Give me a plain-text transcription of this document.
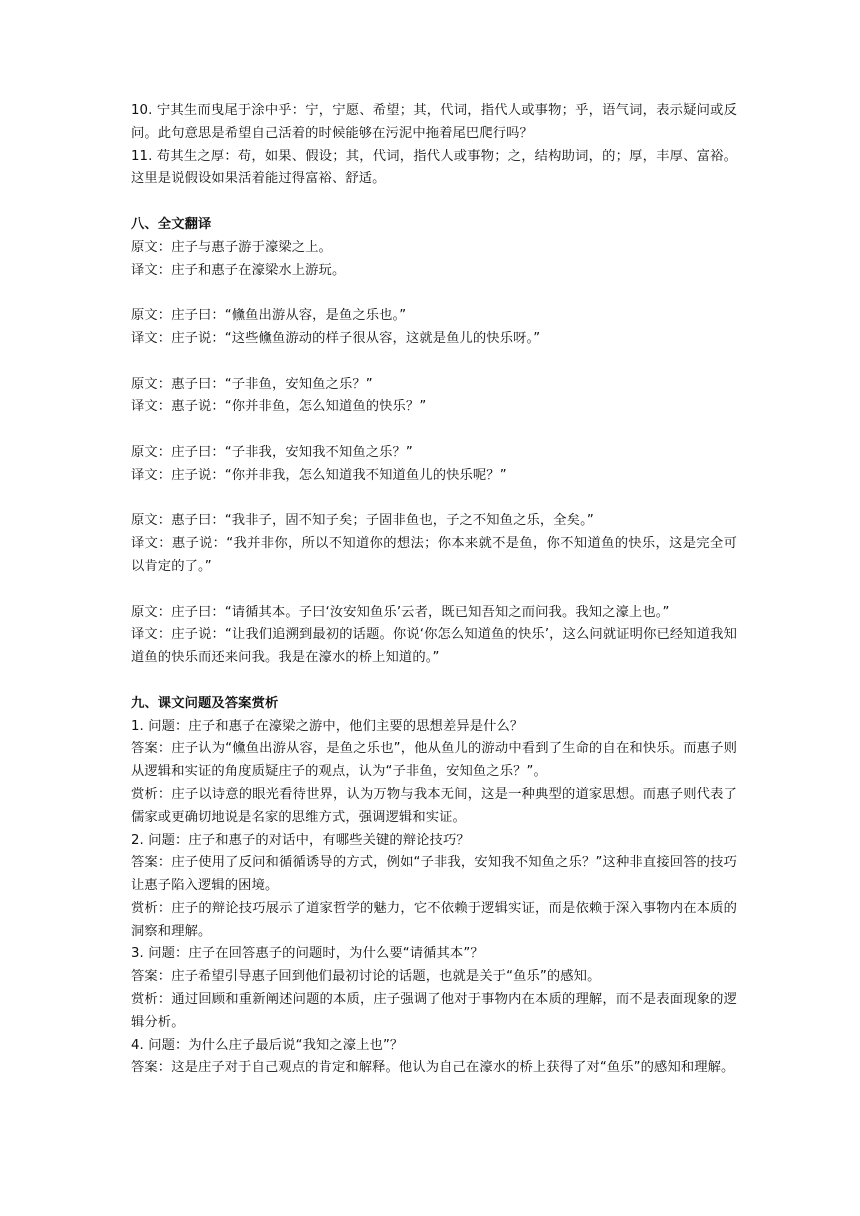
10. 宁其生而曳尾于涂中乎：宁，宁愿、希望；其，代词，指代人或事物；乎，语气词，表示疑问或反问。此句意思是希望自己活着的时候能够在污泥中拖着尾巴爬行吗？

11. 苟其生之厚：苟，如果、假设；其，代词，指代人或事物；之，结构助词，的；厚，丰厚、富裕。这里是说假设如果活着能过得富裕、舒适。

八、全文翻译

原文：庄子与惠子游于濠梁之上。

译文：庄子和惠子在濠梁水上游玩。

原文：庄子曰：“儵鱼出游从容，是鱼之乐也。”

译文：庄子说：“这些儵鱼游动的样子很从容，这就是鱼儿的快乐呀。”

原文：惠子曰：“子非鱼，安知鱼之乐？”

译文：惠子说：“你并非鱼，怎么知道鱼的快乐？”

原文：庄子曰：“子非我，安知我不知鱼之乐？”

译文：庄子说：“你并非我，怎么知道我不知道鱼儿的快乐呢？”

原文：惠子曰：“我非子，固不知子矣；子固非鱼也，子之不知鱼之乐，全矣。”

译文：惠子说：“我并非你，所以不知道你的想法；你本来就不是鱼，你不知道鱼的快乐，这是完全可以肯定的了。”

原文：庄子曰：“请循其本。子曰‘汝安知鱼乐’云者，既已知吾知之而问我。我知之濠上也。”

译文：庄子说：“让我们追溯到最初的话题。你说‘你怎么知道鱼的快乐’，这么问就证明你已经知道我知道鱼的快乐而还来问我。我是在濠水的桥上知道的。”

九、课文问题及答案赏析

1. 问题：庄子和惠子在濠梁之游中，他们主要的思想差异是什么？

答案：庄子认为“儵鱼出游从容，是鱼之乐也”，他从鱼儿的游动中看到了生命的自在和快乐。而惠子则从逻辑和实证的角度质疑庄子的观点，认为“子非鱼，安知鱼之乐？”。

赏析：庄子以诗意的眼光看待世界，认为万物与我本无间，这是一种典型的道家思想。而惠子则代表了儒家或更确切地说是名家的思维方式，强调逻辑和实证。

2. 问题：庄子和惠子的对话中，有哪些关键的辩论技巧？

答案：庄子使用了反问和循循诱导的方式，例如“子非我，安知我不知鱼之乐？”这种非直接回答的技巧让惠子陷入逻辑的困境。

赏析：庄子的辩论技巧展示了道家哲学的魅力，它不依赖于逻辑实证，而是依赖于深入事物内在本质的洞察和理解。

3. 问题：庄子在回答惠子的问题时，为什么要“请循其本”？

答案：庄子希望引导惠子回到他们最初讨论的话题，也就是关于“鱼乐”的感知。

赏析：通过回顾和重新阐述问题的本质，庄子强调了他对于事物内在本质的理解，而不是表面现象的逻辑分析。

4. 问题：为什么庄子最后说“我知之濠上也”？

答案：这是庄子对于自己观点的肯定和解释。他认为自己在濠水的桥上获得了对“鱼乐”的感知和理解。
